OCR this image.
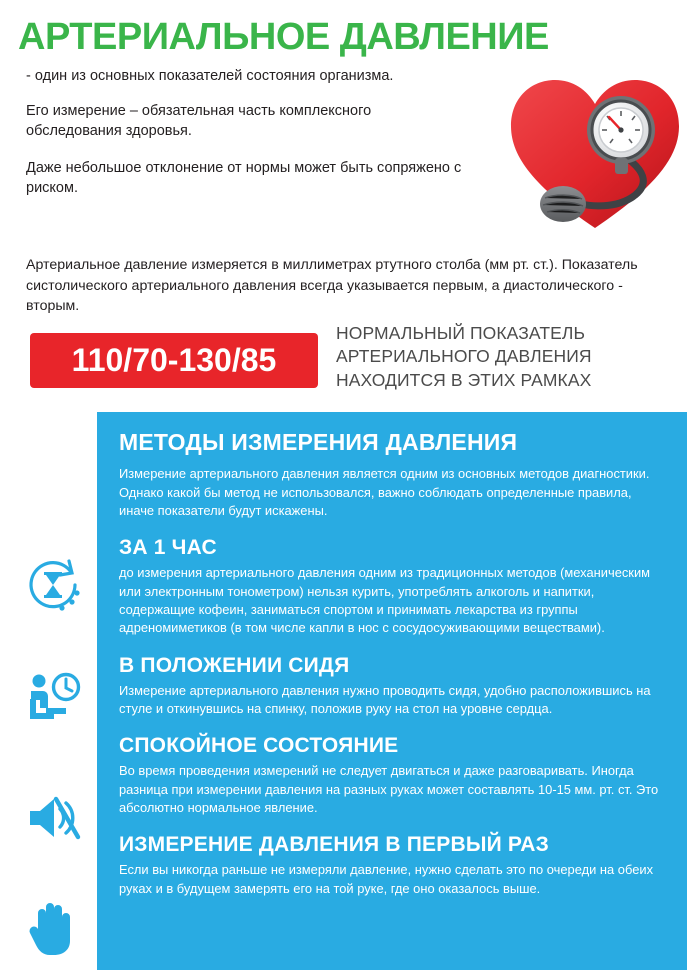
АРТЕРИАЛЬНОЕ ДАВЛЕНИЕ

- один из основных показателей состояния организма.

Его измерение – обязательная часть комплексного обследования здоровья.

Даже небольшое отклонение от нормы может быть сопряжено с риском.

Артериальное давление измеряется в миллиметрах ртутного столба (мм рт. ст.). Показатель систолического артериального давления всегда указывается первым, а диастолического - вторым.
110/70-130/85
НОРМАЛЬНЫЙ ПОКАЗАТЕЛЬ АРТЕРИАЛЬНОГО ДАВЛЕНИЯ НАХОДИТСЯ В ЭТИХ РАМКАХ
МЕТОДЫ ИЗМЕРЕНИЯ ДАВЛЕНИЯ

Измерение артериального давления является одним из основных методов диагностики. Однако какой бы метод не использовался, важно соблюдать определенные правила, иначе показатели будут искажены.

ЗА 1 ЧАС

до измерения артериального давления одним из традиционных методов (механическим или электронным тонометром) нельзя курить, употреблять алкоголь и напитки, содержащие кофеин, заниматься спортом и принимать лекарства из группы адреномиметиков (в том числе капли в нос с сосудосуживающими веществами).

В ПОЛОЖЕНИИ СИДЯ

Измерение артериального давления нужно проводить сидя, удобно расположившись на стуле и откинувшись на спинку, положив руку на стол на уровне сердца.

СПОКОЙНОЕ СОСТОЯНИЕ

Во время проведения измерений не следует двигаться и даже разговаривать. Иногда разница при измерении давления на разных руках может составлять 10-15 мм. рт. ст. Это абсолютно нормальное явление.

ИЗМЕРЕНИЕ ДАВЛЕНИЯ В ПЕРВЫЙ РАЗ

Если вы никогда раньше не измеряли давление, нужно сделать это по очереди на обеих руках и в будущем замерять его на той руке, где оно оказалось выше.
